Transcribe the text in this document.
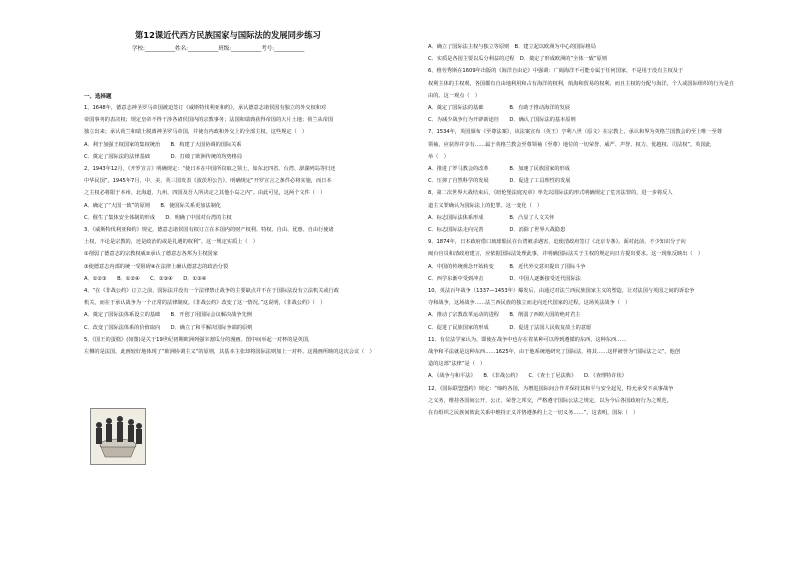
第12课近代西方民族国家与国际法的发展同步练习
学校:___________姓名:___________班级:___________考号:___________
一、选择题
1、1648年，德意志神圣罗马帝国被迫签订《威斯特伐利亚和约》，承认德意志诸侯国有独立的外交权和对
帝国事务的表决权；规定皇帝不得干涉各诸侯国内的宗教事务；法国和瑞典获得帝国的大片土地；荷兰从帝国
独立出来；承认荷兰和瑞士脱离神圣罗马帝国，并使有内政和外交上的全部主权。这些规定（　）
A．利于加强王权国家的集权统治　　B．构建了大国协调的国际关系
C．奠定了国际法的法律基础　　　　D．打破了欧洲传统的均势格局
2、1943年12月，《开罗宣言》明确规定：“使日本在中国所窃取之领土，如东北四省、台湾、澎湖列岛等归还
中华民国”。1945年7月，中、美、英三国发表《波茨坦公告》，明确规定“开罗宣言之条件必将实施，而日本
之主权必将限于本州、北海道、九州、四国及吾人所决定之其他小岛之内”。由此可见，这两个文件（　）
A．确定了“大国一致”的原则　　B．使国际关系更加法制化
C．催生了集体安全体制的形成　　D．明确了中国对台湾的主权
3、《威斯特伐利亚和约》规定，德意志诸侯国有权订立在本国内的财产权利、特权、自由、优惠、自由行使诸
土权，不论是宗教的，还是政治的或是礼遇的权利”。这一规定实质上（　）
①削弱了德意志的宗教权威②承认了德意志各邦为主权国家
③使德意志内部的统一受阻碍④在法律上确认德意志的政治分裂
A．①②③　　B．①②④　　C．②③④　　D．①③④
4、“在《非战公约》订立之前，国际法并没有一个法律禁止战争的主要缺点并不在于国际法没有立法机关或行政
机关，而在于承认战争为一个正常的法律制度。《非战公约》改变了这一情况。”这说明，《非战公约》（　）
A．奠定了国际法体系设立的基础　　B．开创了用国际会议解决战争先例
C．改变了国际法体系的价值取向　　D．确立了和平解决国际争端的原则
5、《国王的蛋糕》(如图)是关于19世纪初期欧洲列强宰割瓜分的漫画。图中间举起一对杯的是英国，
左侧的是法国。此画较好地体现了“欧洲协调主义”的原则，其基本主张却将国际法则加上一对杯。这漫画所映的这次会议（　）
A．确立了国际法主权与独立等原则　B．建立起以欧洲为中心的国际格局
C．实质是各国主要以瓜分利益的过程　D．奠定了形成欧洲的“全体一致”原则
6、格劳秀斯在1609年出版的《海洋自由论》中强调：广阔海洋不可能专属于任何国家，不是用于没有主权及于
权利主体的主权观，各国都有自由地利用和占有海洋的权利，航海和贸易的权利，而且主权的分配与海洋，个人或国际组织的行为是自
由的。这一观点（　）
A．奠定了国际法的基础　　　　　B．有助于推动海洋的发展
C．为减少战争行为开辟新途径　　D．确认了国际法的基本原则
7、1534年，英国颁布《至尊法案》，该法案宣布（英王）亨利八世（原文）在宗教上，承认和界为英格兰国教会的至上唯一至尊
领袖，应获得并享有……属于英格兰教会至尊领袖（至尊）地位的一切荣誉、威严、声誉、权力、优越权、司法权”。英国此
举（　）
A．推进了罗马教会的改革　　　　B．加速了民族国家的形成
C．压抑了自然科学的发展　　　　D．促进了工具理性的发展
8、第二次世界大战结束后，《纽伦堡法庭宪章》率先以国际法的形式明确规定了危害法罪的，进一步将反人
道主义罪确认为国际法上的犯罪。这一变化（　）
A．标志国际法体系形成　　　　　B．凸显了人文关怀
C．标志国际法走向完善　　　　　D．消除了世界大战隐患
9、1874年，日本政府借口琉球船民在台湾被杀遇害，迫使清政府签订《北京专条》。面对此前，不少知识分子向
闽台官员和清政府建言，应依据国际法处理此事，并明确国际法关于主权的规定向日方提出要求。这一现象反映出（　）
A．中国的传统观念开始转变　　　B．近代外交意识提出了国际斗争
C．西学东渐中受到冲击　　　　　D．中国人逐渐接受近代国际法
10、英法百年战争（1337—1453年）爆发后，由通过对法兰西民族国家主义的塑造，让对法国与英国之间的诉讼争
夺和战争，这场战争……法兰西民族的独立而走向近代国家的过程。这场英法战争（　）
A．推动了宗教改革运动的进程　　B．削弱了西欧大国的绝对君主
C．促进了民族国家的形成　　　　D．促进了法国人民收复故土的意愿
11、有位法学家认为，即使在战争中也存在着某种可以得到遵循的东西，这种东西……
战争和平法就是这种东西……1625年，由于他系统地研究了国际法，将其……这样被誉为“国际法之父”。他创
造的这部“法律”是（　）
A．《战争与和平法》　　B．《非战公约》　　C．《查士丁尼法典》　　D．《查理特许状》
12、《国际联盟盟约》规定：“缔约各国，为增进国际间合作并保持其和平与安全起见，特允承受不从事战争
之义务，维持各国间公开、公正、荣誉之邦交，严格遵守国际公法之规定，以为今后各国政府行为之规范，
在有组织之民族间彼此关系中维持正义并恪遵条约上之一切义务……”。这表明，国际（　）
